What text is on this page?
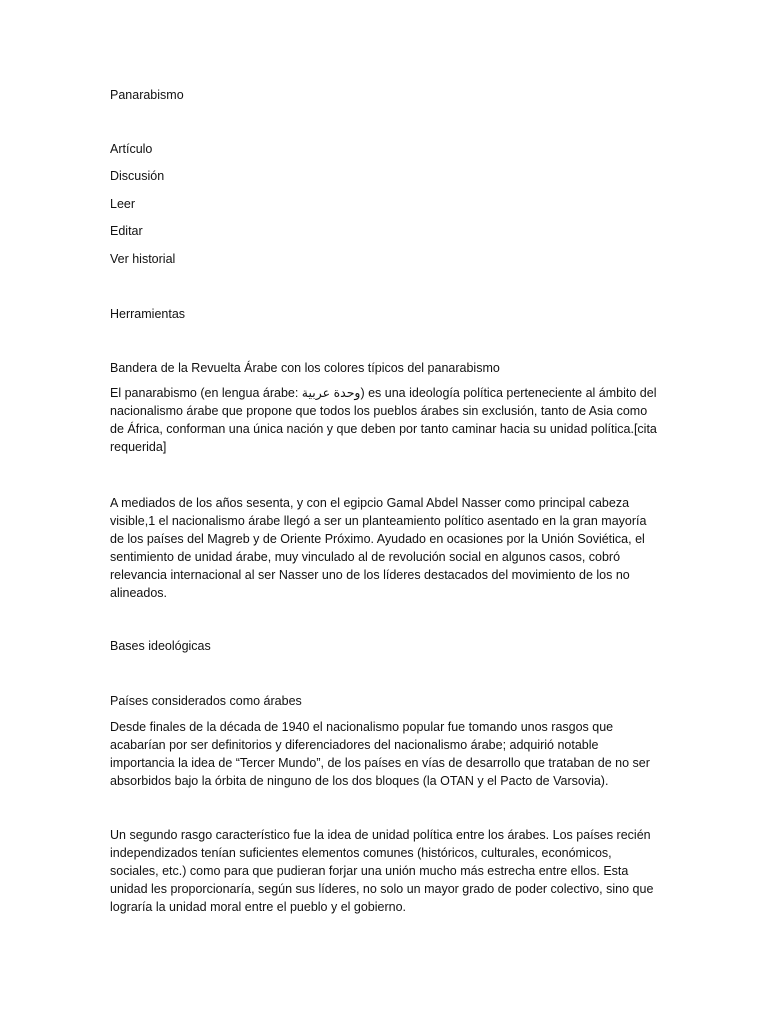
Panarabismo

Artículo

Discusión

Leer

Editar

Ver historial

Herramientas

Bandera de la Revuelta Árabe con los colores típicos del panarabismo

El panarabismo (en lengua árabe: وحدة عربية) es una ideología política perteneciente al ámbito del nacionalismo árabe que propone que todos los pueblos árabes sin exclusión, tanto de Asia como de África, conforman una única nación y que deben por tanto caminar hacia su unidad política.[cita requerida]

A mediados de los años sesenta, y con el egipcio Gamal Abdel Nasser como principal cabeza visible,1 el nacionalismo árabe llegó a ser un planteamiento político asentado en la gran mayoría de los países del Magreb y de Oriente Próximo. Ayudado en ocasiones por la Unión Soviética, el sentimiento de unidad árabe, muy vinculado al de revolución social en algunos casos, cobró relevancia internacional al ser Nasser uno de los líderes destacados del movimiento de los no alineados.

Bases ideológicas

Países considerados como árabes

Desde finales de la década de 1940 el nacionalismo popular fue tomando unos rasgos que acabarían por ser definitorios y diferenciadores del nacionalismo árabe; adquirió notable importancia la idea de “Tercer Mundo”, de los países en vías de desarrollo que trataban de no ser absorbidos bajo la órbita de ninguno de los dos bloques (la OTAN y el Pacto de Varsovia).

Un segundo rasgo característico fue la idea de unidad política entre los árabes. Los países recién independizados tenían suficientes elementos comunes (históricos, culturales, económicos, sociales, etc.) como para que pudieran forjar una unión mucho más estrecha entre ellos. Esta unidad les proporcionaría, según sus líderes, no solo un mayor grado de poder colectivo, sino que lograría la unidad moral entre el pueblo y el gobierno.
